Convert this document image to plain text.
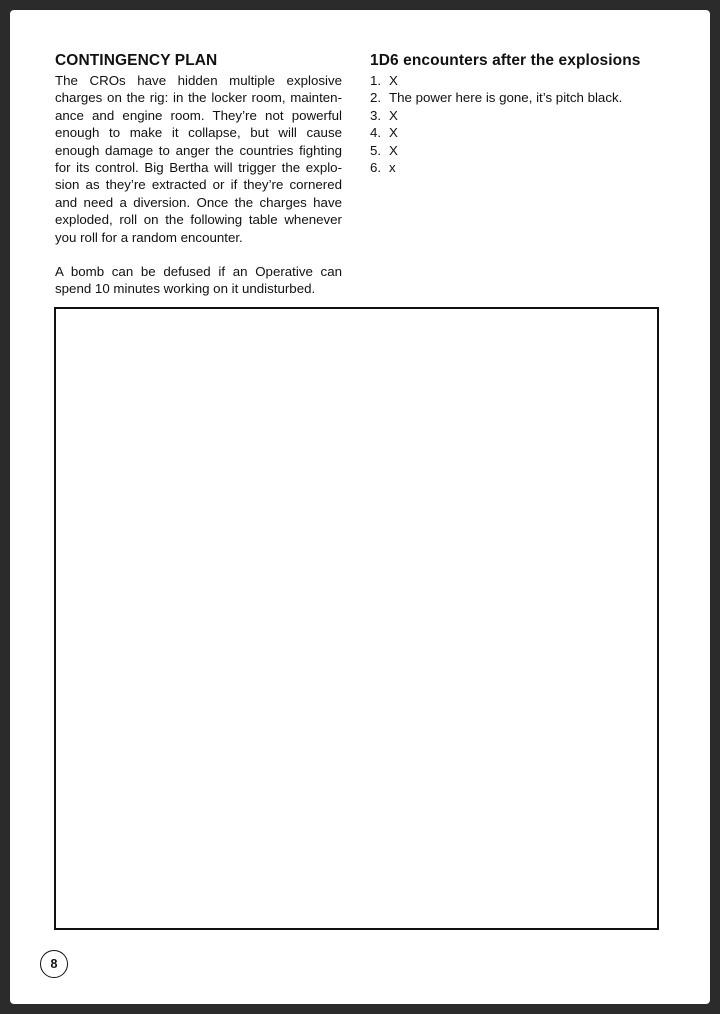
CONTINGENCY PLAN

The CROs have hidden multiple explosive charges on the rig: in the locker room, maintenance and engine room. They’re not powerful enough to make it collapse, but will cause enough damage to anger the countries fighting for its control. Big Bertha will trigger the explosion as they’re extracted or if they’re cornered and need a diversion. Once the charges have exploded, roll on the following table whenever you roll for a random encounter.

A bomb can be defused if an Operative can spend 10 minutes working on it undisturbed.

1D6 encounters after the explosions
1. X
2. The power here is gone, it’s pitch black.
3. X
4. X
5. X
6. x
8
